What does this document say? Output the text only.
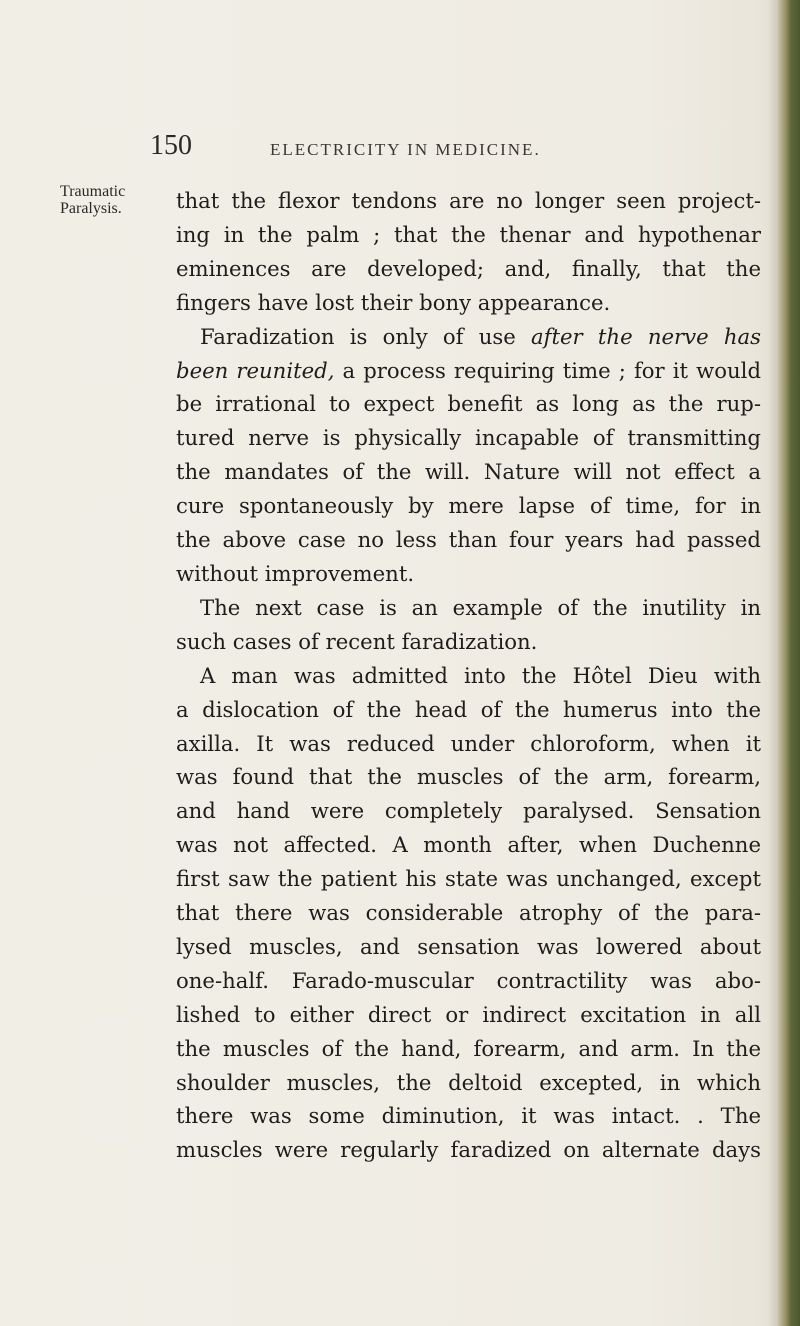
150	ELECTRICITY IN MEDICINE.
Traumatic
Paralysis.	that the flexor tendons are no longer seen project-
ing in the palm ; that the thenar and hypothenar
eminences are developed; and, finally, that the
fingers have lost their bony appearance.
Faradization is only of use after the nerve has
been reunited, a process requiring time ; for it would
be irrational to expect benefit as long as the rup-
tured nerve is physically incapable of transmitting
the mandates of the will. Nature will not effect a
cure spontaneously by mere lapse of time, for in
the above case no less than four years had passed
without improvement.
The next case is an example of the inutility in
such cases of recent faradization.
A man was admitted into the Hôtel Dieu with
a dislocation of the head of the humerus into the
axilla. It was reduced under chloroform, when it
was found that the muscles of the arm, forearm,
and hand were completely paralysed. Sensation
was not affected. A month after, when Duchenne
first saw the patient his state was unchanged, except
that there was considerable atrophy of the para-
lysed muscles, and sensation was lowered about
one-half. Farado-muscular contractility was abo-
lished to either direct or indirect excitation in all
the muscles of the hand, forearm, and arm. In the
shoulder muscles, the deltoid excepted, in which
there was some diminution, it was intact. . The
muscles were regularly faradized on alternate days
